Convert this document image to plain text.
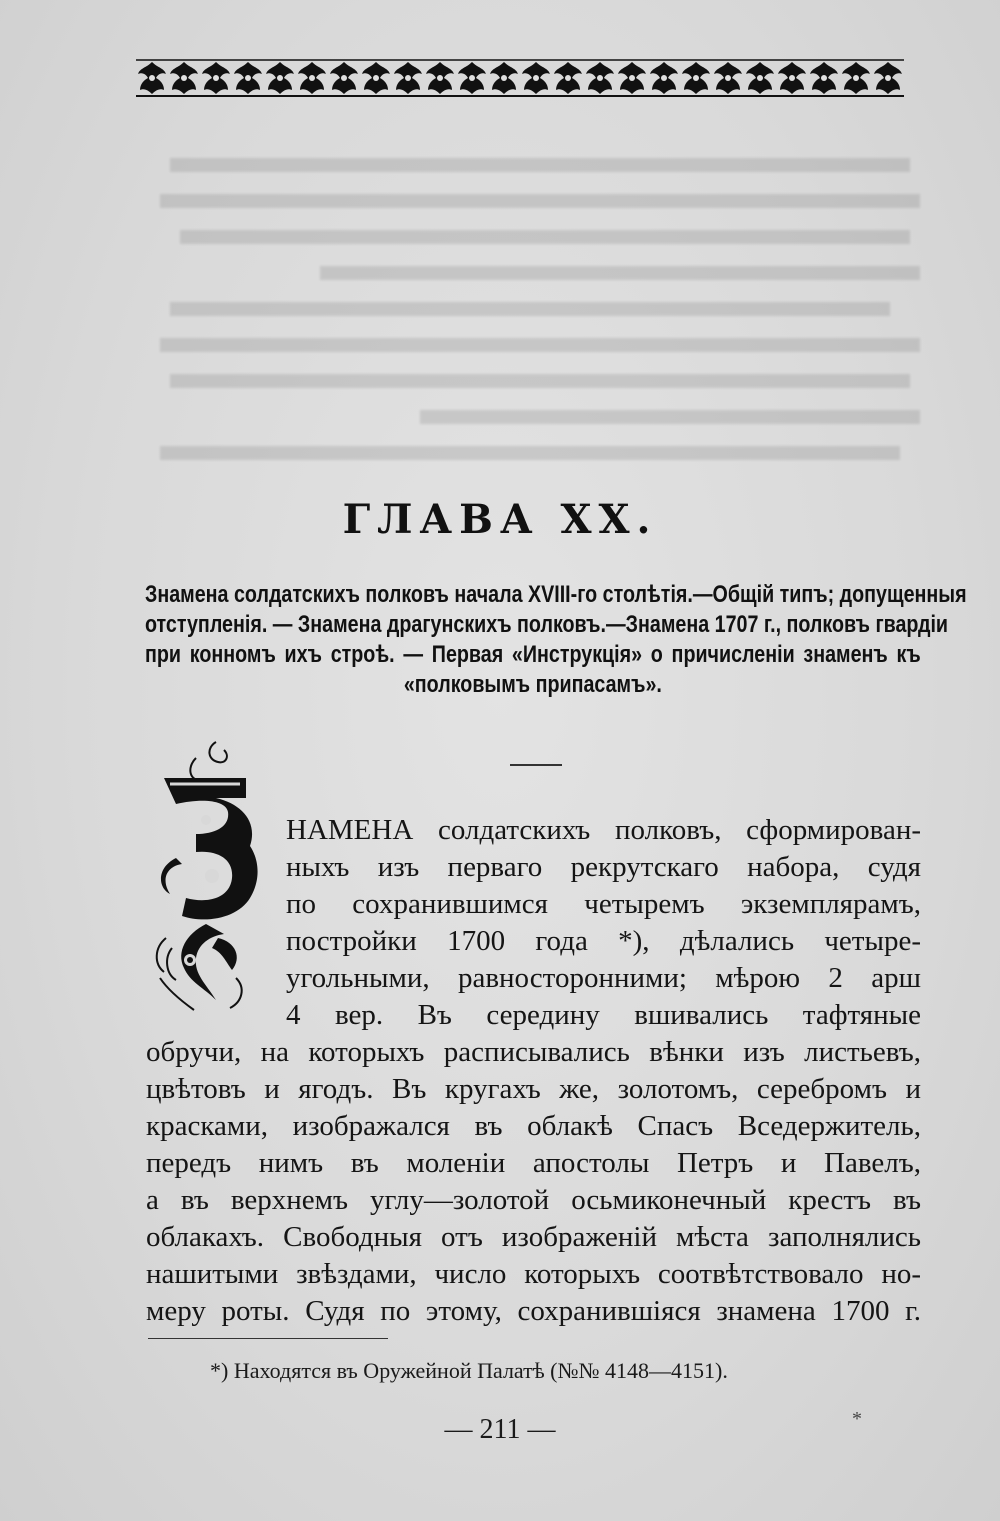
ГЛАВА XX.
Знамена солдатскихъ полковъ начала XVIII-го столѣтія.—Общій типъ; допущенныя
отступленія. — Знамена драгунскихъ полковъ.—Знамена 1707 г., полковъ гвардіи
при конномъ ихъ строѣ. — Первая «Инструкція» о причисленіи знаменъ къ
«полковымъ припасамъ».
НАМЕНА солдатскихъ полковъ, сформирован-
ныхъ изъ перваго рекрутскаго набора, судя
по сохранившимся четыремъ экземплярамъ,
постройки 1700 года *), дѣлались четыре-
угольными, равносторонними; мѣрою 2 арш
4 вер. Въ середину вшивались тафтяные
обручи, на которыхъ расписывались вѣнки изъ листьевъ,
цвѣтовъ и ягодъ. Въ кругахъ же, золотомъ, серебромъ и
красками, изображался въ облакѣ Спасъ Вседержитель,
передъ нимъ въ моленіи апостолы Петръ и Павелъ,
а въ верхнемъ углу—золотой осьмиконечный крестъ въ
облакахъ. Свободныя отъ изображеній мѣста заполнялись
нашитыми звѣздами, число которыхъ соотвѣтствовало но-
меру роты. Судя по этому, сохранившіяся знамена 1700 г.

*) Находятся въ Оружейной Палатѣ (№№ 4148—4151).

— 211 —	*
